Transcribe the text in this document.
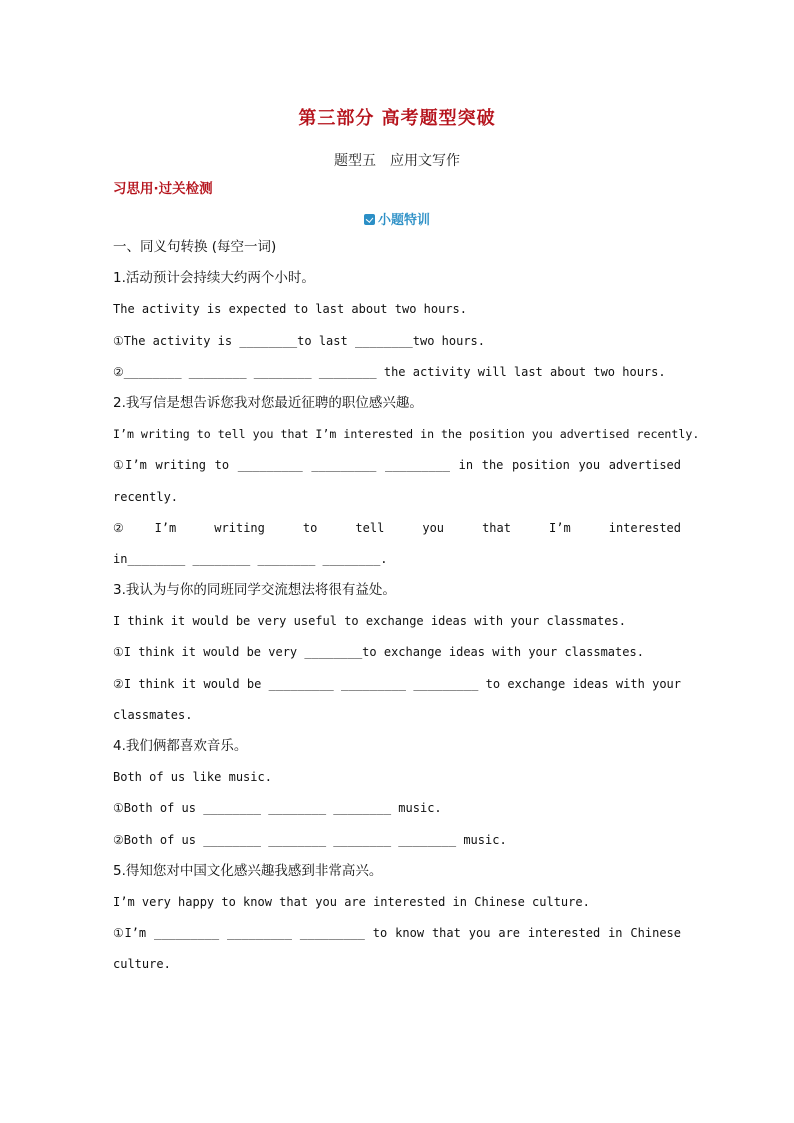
第三部分 高考题型突破
题型五　应用文写作
习思用·过关检测
小题特训
一、同义句转换 (每空一词)
1.活动预计会持续大约两个小时。
The activity is expected to last about two hours.
①The activity is ________to last ________two hours.
②________ ________ ________ ________ the activity will last about two hours.
2.我写信是想告诉您我对您最近征聘的职位感兴趣。
I’m writing to tell you that I’m interested in the position you advertised recently.
①I’m writing to _________ _________ _________ in the position you advertised
recently.
②I’m writing to tell you that I’m interested
in________ ________ ________ ________.
3.我认为与你的同班同学交流想法将很有益处。
I think it would be very useful to exchange ideas with your classmates.
①I think it would be very ________to exchange ideas with your classmates.
②I think it would be _________ _________ _________ to exchange ideas with your
classmates.
4.我们俩都喜欢音乐。
Both of us like music.
①Both of us ________ ________ ________ music.
②Both of us ________ ________ ________ ________ music.
5.得知您对中国文化感兴趣我感到非常高兴。
I’m very happy to know that you are interested in Chinese culture.
①I’m _________ _________ _________ to know that you are interested in Chinese
culture.
